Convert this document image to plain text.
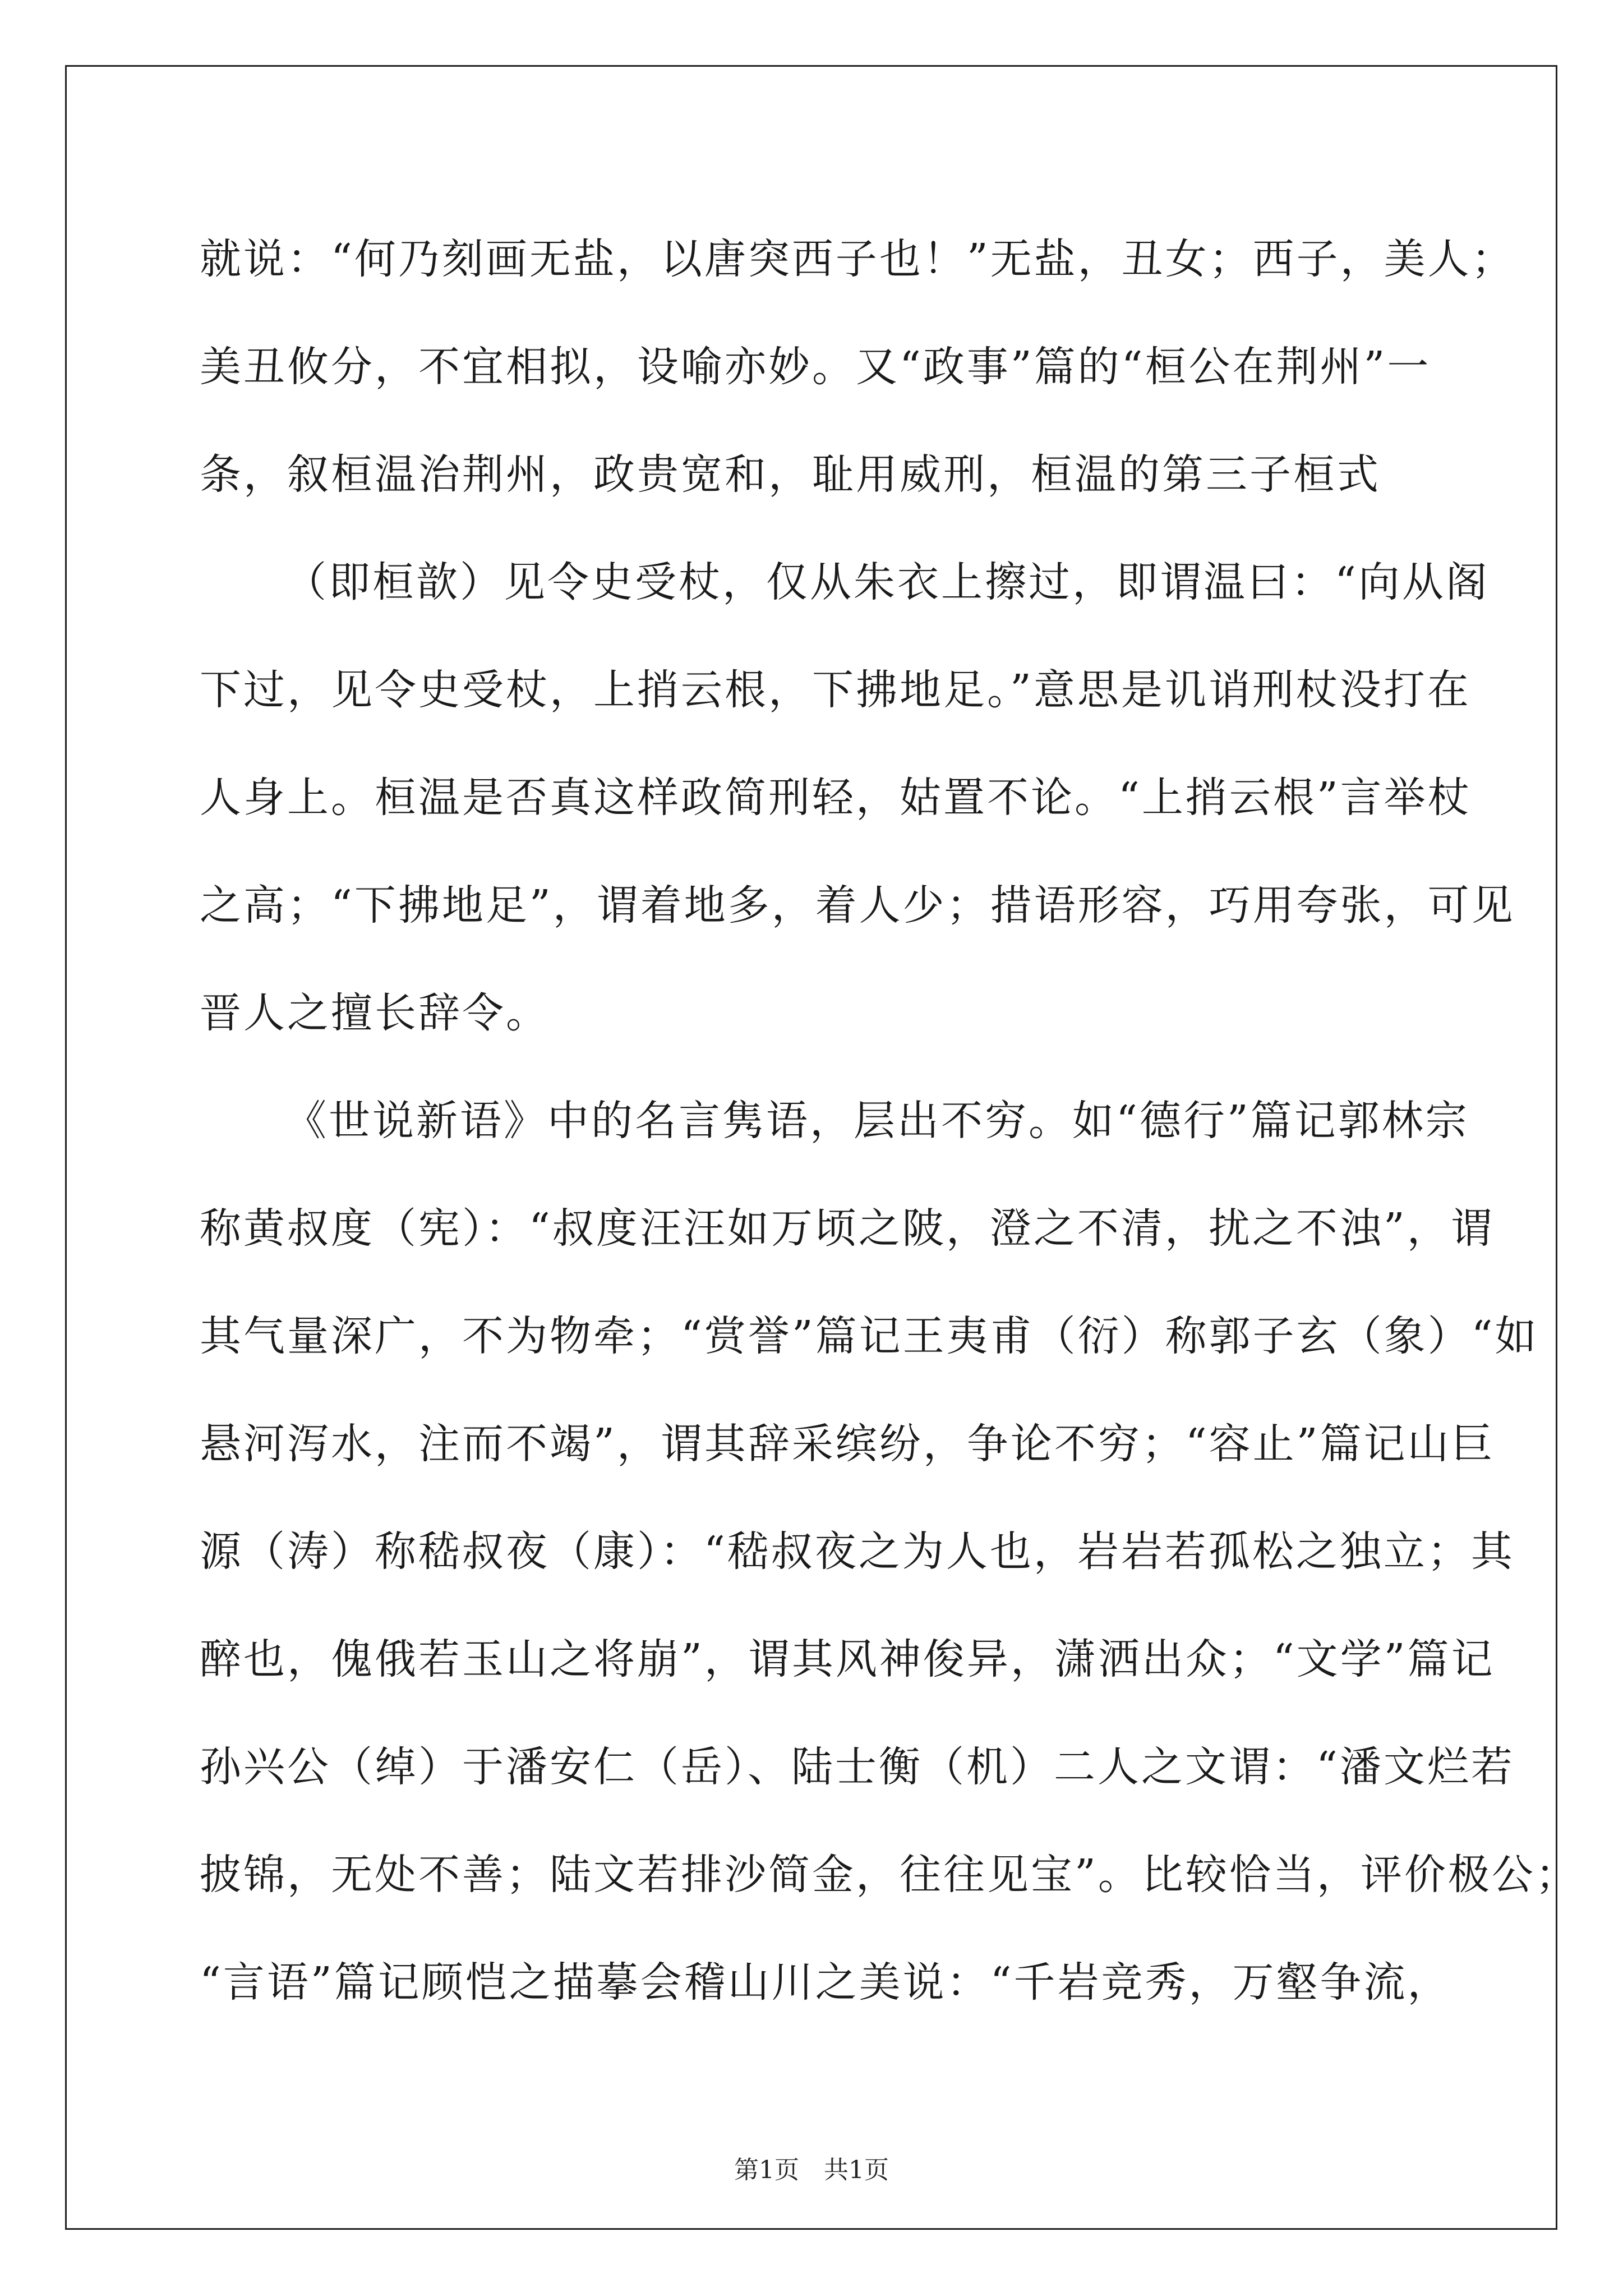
就说：“何乃刻画无盐，以唐突西子也！”无盐，丑女；西子，美人；
美丑攸分，不宜相拟，设喻亦妙。又“政事”篇的“桓公在荆州”一
条，叙桓温治荆州，政贵宽和，耻用威刑，桓温的第三子桓式
（即桓歆）见令史受杖，仅从朱衣上擦过，即谓温曰：“向从阁
下过，见令史受杖，上捎云根，下拂地足。”意思是讥诮刑杖没打在
人身上。桓温是否真这样政简刑轻，姑置不论。“上捎云根”言举杖
之高；“下拂地足”，谓着地多，着人少；措语形容，巧用夸张，可见
晋人之擅长辞令。
《世说新语》中的名言隽语，层出不穷。如“德行”篇记郭林宗
称黄叔度（宪）：“叔度汪汪如万顷之陂，澄之不清，扰之不浊”，谓
其气量深广，不为物牵；“赏誉”篇记王夷甫（衍）称郭子玄（象）“如
悬河泻水，注而不竭”，谓其辞采缤纷，争论不穷；“容止”篇记山巨
源（涛）称嵇叔夜（康）：“嵇叔夜之为人也，岩岩若孤松之独立；其
醉也，傀俄若玉山之将崩”，谓其风神俊异，潇洒出众；“文学”篇记
孙兴公（绰）于潘安仁（岳）、陆士衡（机）二人之文谓：“潘文烂若
披锦，无处不善；陆文若排沙简金，往往见宝”。比较恰当，评价极公；
“言语”篇记顾恺之描摹会稽山川之美说：“千岩竞秀，万壑争流，
第1页 共1页
